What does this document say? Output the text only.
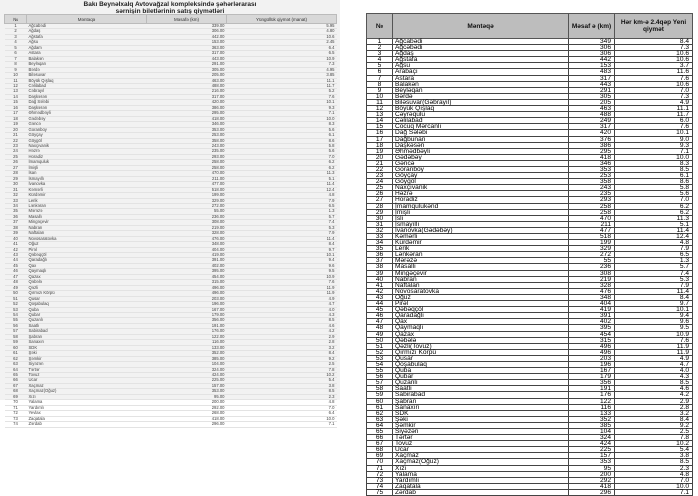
Bakı Beynəlxalq Avtovağzal kompleksində şəhərlərarası
sərnişin biletlərinin satış qiymətləri
№	Məntəqə	Məsafə (km)	Yüngüllük qiymət (manat)
1	Ağcabədi	339.00	5.95
2	Ağdaş	306.00	4.80
3	Ağstafa	442.00	10.6
4	Ağsu	153.00	2.45
5	Ağdam	363.00	6.4
6	Astara	317.00	6.5
7	Balakən	443.00	10.9
8	Beyləqan	291.00	7.3
9	Bərdə	305.00	4.95
10	Biləsuvar	205.00	3.85
11	Böyük Qışlaq	463.00	11.1
12	Cəlilabad	488.00	11.7
13	Cəbrayıl	216.00	5.2
14	Daşkəsən	317.00	7.6
15	Dağ Sələbi	420.00	10.1
16	Daşkəsən	386.00	9.3
17	Əhmədbəyli	295.00	7.1
18	Gədəbəy	418.00	10.0
19	Gəncə	346.00	8.3
20	Goranboy	353.00	5.6
21	Göyçay	253.00	6.1
22	Göygöl	358.00	8.6
23	Naxçıvanik	243.00	5.8
24	Həzrə	235.00	5.6
25	Horadiz	293.00	7.0
26	İmamquluk	258.00	6.2
27	İmişli	258.00	6.2
28	İsan	470.00	11.3
29	İsmayıllı	211.00	5.1
30	İvanovka	477.00	11.4
31	Kəmərli	518.00	12.4
32	Kürdəmir	199.00	4.8
33	Lerik	329.00	7.9
34	Lənkəran	272.00	6.5
35	Mərəzə	55.00	1.3
36	Masallı	236.00	5.7
37	Mingəçevir	308.00	7.4
38	Nabran	219.00	5.3
39	Naftalan	328.00	7.9
40	Novosaratovka	476.00	11.4
41	Oğuz	348.00	8.4
42	Pirəl	404.00	9.7
43	Qəbəqçöl	419.00	10.1
44	Qaradağlı	391.00	9.4
45	Qax	402.00	9.6
46	Qaymaqlı	395.00	9.5
47	Qazax	454.00	10.9
48	Qəbələ	315.00	7.6
49	Qəzli	496.00	11.9
50	Qırmızı Körpü	496.00	11.9
51	Qusar	203.00	4.9
52	Qoşabulaq	196.00	4.7
53	Quba	167.00	4.0
54	Qubar	179.00	4.3
55	Quzanlı	356.00	8.5
56	Saatlı	191.00	4.6
57	Sabirabad	176.00	4.2
58	Şabran	122.00	2.9
59	Sanaxırı	116.00	2.8
60	SDK	133.00	3.2
61	Şəki	352.00	8.4
62	Şəmkir	385.00	9.2
63	Siyəzən	104.00	2.5
64	Tərtər	324.00	7.8
65	Tovuz	424.00	10.2
66	Ucar	225.00	5.4
67	Xaçmaz	157.00	3.8
68	Xaçmaz(Oğuz)	353.00	8.5
69	Xızı	95.00	2.3
70	Yalama	200.00	4.8
71	Yardımlı	292.00	7.0
72	Yevlax	268.00	6.4
73	Zaqatala	418.00	10.0
74	Zərdab	296.00	7.1
№	Məntəqə	Məsaf ə (km)	Hər km-ə 2.4qəp Yeni qiymət
1	Ağcabədi	349	8.4
2	Ağcəbədi	306	7.3
3	Ağdaş	306	10.6
4	Ağstafa	442	10.6
5	Ağsu	153	3.7
6	Arabaçı	483	11.6
7	Astara	317	7.6
8	Balakən	443	10.6
9	Beyləqan	291	7.0
10	Bərdə	305	7.3
11	Biləsuvar(Gəbrayıl)	205	4.9
12	Böyük Qışlaq	463	11.1
13	Cəyrəqulu	488	11.7
14	Cəlilabad	249	6.0
15	Cocuq Mərcanlı	317	7.6
16	Dağ Sələbi	420	10.1
17	Dağbunan	376	9.0
18	Daşkəsən	386	9.3
19	Əhmədbəyli	295	7.1
20	Gədəbəy	418	10.0
21	Gəncə	346	8.3
22	Goranboy	353	8.5
23	Göyçay	253	6.1
24	Göygöl	358	8.6
25	Naxçıvanik	243	5.8
26	Həzrə	235	5.6
27	Horadiz	293	7.0
28	İmamqulukənd	258	6.2
29	İmişli	258	6.2
30	İsli	470	11.3
31	İsmayıllı	211	5.1
32	İvanovka(Gədəbəy)	477	11.4
33	Kəmərli	518	12.4
34	Kürdəmir	199	4.8
35	Lerik	329	7.9
36	Lənkəran	272	6.5
37	Mərəzə	55	1.3
38	Masallı	236	5.7
39	Mingəçevir	308	7.4
40	Nabran	219	5.3
41	Naftalan	328	7.9
42	Novosaratovka	476	11.4
43	Oğuz	348	8.4
44	Pirəl	404	9.7
45	Qəbəqçöl	419	10.1
46	Qaradağlı	391	9.4
47	Qax	402	9.6
48	Qaymaqlı	395	9.5
49	Qazax	454	10.9
50	Qəbələ	315	7.6
51	Qəzli(Tovuz)	496	11.9
52	Qırmızı Körpü	496	11.9
53	Qusar	203	4.9
54	Qoşabulaq	196	4.7
55	Quba	167	4.0
56	Qubar	179	4.3
57	Quzanlı	356	8.5
58	Saatlı	191	4.6
59	Sabirabad	176	4.2
60	Şabran	122	2.9
61	Sanaxırı	116	2.8
62	SDK	133	3.2
63	Şəki	352	8.4
64	Şəmkir	385	9.2
65	Siyəzən	104	2.5
66	Tərtər	324	7.8
67	Tovuz	424	10.2
68	Ucar	225	5.4
69	Xaçmaz	157	3.8
70	Xaçmaz(Oğuz)	353	8.5
71	Xızı	95	2.3
72	Yalama	200	4.8
73	Yardımlı	292	7.0
74	Zaqatala	418	10.0
75	Zərdab	296	7.1
